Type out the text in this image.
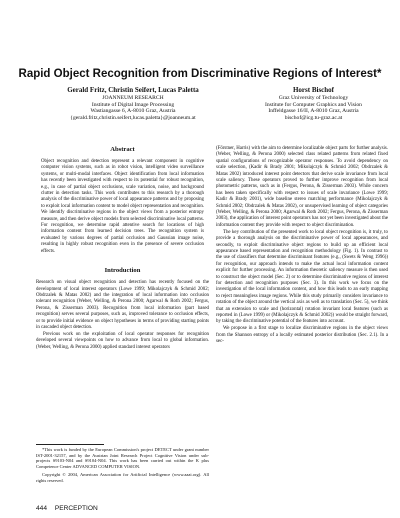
Rapid Object Recognition from Discriminative Regions of Interest*
Gerald Fritz, Christin Seifert, Lucas Paletta
JOANNEUM RESEARCH
Institute of Digital Image Processing
Wastiangasse 6, A-8010 Graz, Austria
{gerald.fritz,christin.seifert,lucas.paletta}@joanneum.at
Horst Bischof
Graz University of Technology
Institute for Computer Graphics and Vision
Inffeldgasse 16/II, A-8010 Graz, Austria
bischof@icg.tu-graz.ac.at
Abstract

Object recognition and detection represent a relevant component in cognitive computer vision systems, such as in robot vision, intelligent video surveillance systems, or multi-modal interfaces. Object identification from local information has recently been investigated with respect to its potential for robust recognition, e.g., in case of partial object occlusions, scale variation, noise, and background clutter in detection tasks. This work contributes to this research by a thorough analysis of the discriminative power of local appearance patterns and by proposing to exploit local information content to model object representation and recognition. We identify discriminative regions in the object views from a posterior entropy measure, and then derive object models from selected discriminative local patterns. For recognition, we determine rapid attentive search for locations of high information content from learned decision trees. The recognition system is evaluated by various degrees of partial occlusion and Gaussian image noise, resulting in highly robust recognition even in the presence of severe occlusion effects.

Introduction

Research on visual object recognition and detection has recently focused on the development of local interest operators (Lowe 1999; Mikolajczyk & Schmid 2002; Obdrzalek & Matas 2002) and the integration of local information into occlusion tolerant recognition (Weber, Welling, & Perona 2000; Agarwal & Roth 2002; Fergus, Perona, & Zisserman 2003). Recognition from local information (part based recognition) serves several purposes, such as, improved tolerance to occlusion effects, or to provide initial evidence on object hypotheses in terms of providing starting points in cascaded object detection.

Previous work on the exploitation of local operator responses for recognition developed several viewpoints on how to advance from local to global information. (Weber, Welling, & Perona 2000) applied standard interest operators

*This work is funded by the European Commission's project DETECT under grant number IST-2001-32157, and by the Austrian Joint Research Project Cognitive Vision under sub-projects S9103-N04 and S9104-N04. This work has been carried out within the K plus Competence Center ADVANCED COMPUTER VISION.

Copyright © 2004, American Association for Artificial Intelligence (www.aaai.org). All rights reserved.

(Förstner, Harris) with the aim to determine localizable object parts for further analysis. (Weber, Welling, & Perona 2000) selected class related patterns from related fixed spatial configurations of recognizable operator responses. To avoid dependency on scale selection, (Kadir & Brady 2001; Mikolajczyk & Schmid 2002; Obdrzalek & Matas 2002) introduced interest point detectors that derive scale invariance from local scale saliency. These operators proved to further improve recognition from local photometric patterns, such as in (Fergus, Perona, & Zisserman 2003). While concern has been taken specifically with respect to issues of scale invariance (Lowe 1999; Kadir & Brady 2001), wide baseline stereo matching performance (Mikolajczyk & Schmid 2002; Obdrzalek & Matas 2002), or unsupervised learning of object categories (Weber, Welling, & Perona 2000; Agarwal & Roth 2002; Fergus, Perona, & Zisserman 2003), the application of interest point operators has not yet been investigated about the information content they provide with respect to object discrimination.

The key contribution of the presented work to local object recognition is, it truly, to provide a thorough analysis on the discriminative power of local appearances, and secondly, to exploit discriminative object regions to build up an efficient local appearance based representation and recognition methodology (Fig. 1). In contrast to the use of classifiers that determine discriminant features (e.g., (Swets & Weng 1996)) for recognition, our approach intends to make the actual local information content explicit for further processing. An information theoretic saliency measure is then used to construct the object model (Sec. 2) or to determine discriminative regions of interest for detection and recognition purposes (Sec. 3). In this work we focus on the investigation of the local information content, and how this leads to an early mapping to reject meaningless image regions. While this study primarily considers invariance to rotation of the object around the vertical axis as well as to translation (Sec. 5), we think that an extension to scale and (horizontal) rotation invariant local features (such as reported in (Lowe 1999) or (Mikolajczyk & Schmid 2002)) would be straight forward, by taking the discriminative potential of the features into account.

We propose in a first stage to localize discriminative regions in the object views from the Shannon entropy of a locally estimated posterior distribution (Sec. 2.1). In a sec-

444 PERCEPTION
